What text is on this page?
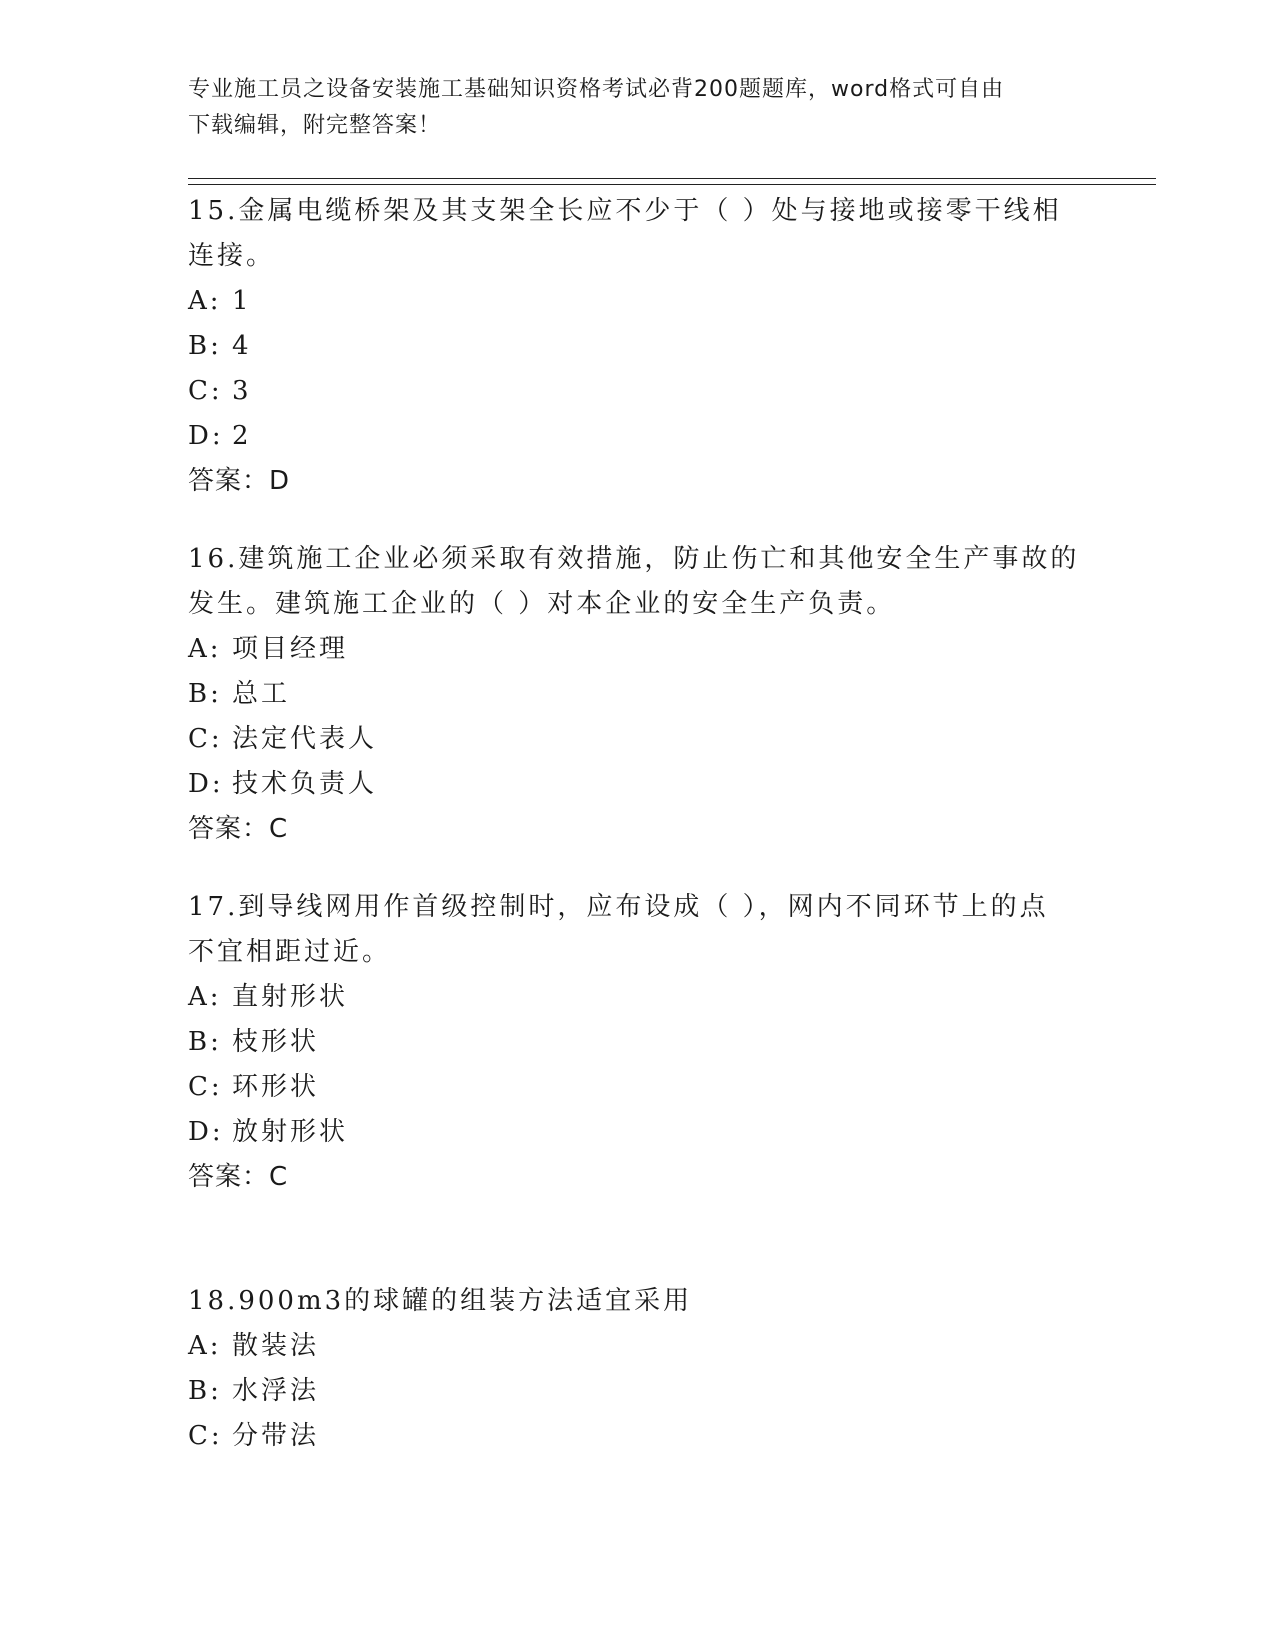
专业施工员之设备安装施工基础知识资格考试必背200题题库，word格式可自由
下载编辑，附完整答案！
15.金属电缆桥架及其支架全长应不少于（ ）处与接地或接零干线相
连接。
A: 1
B: 4
C: 3
D: 2
答案：D
16.建筑施工企业必须采取有效措施，防止伤亡和其他安全生产事故的
发生。建筑施工企业的（ ）对本企业的安全生产负责。
A: 项目经理
B: 总工
C: 法定代表人
D: 技术负责人
答案：C
17.到导线网用作首级控制时，应布设成（ ），网内不同环节上的点
不宜相距过近。
A: 直射形状
B: 枝形状
C: 环形状
D: 放射形状
答案：C
18.900m3的球罐的组装方法适宜采用
A: 散装法
B: 水浮法
C: 分带法
